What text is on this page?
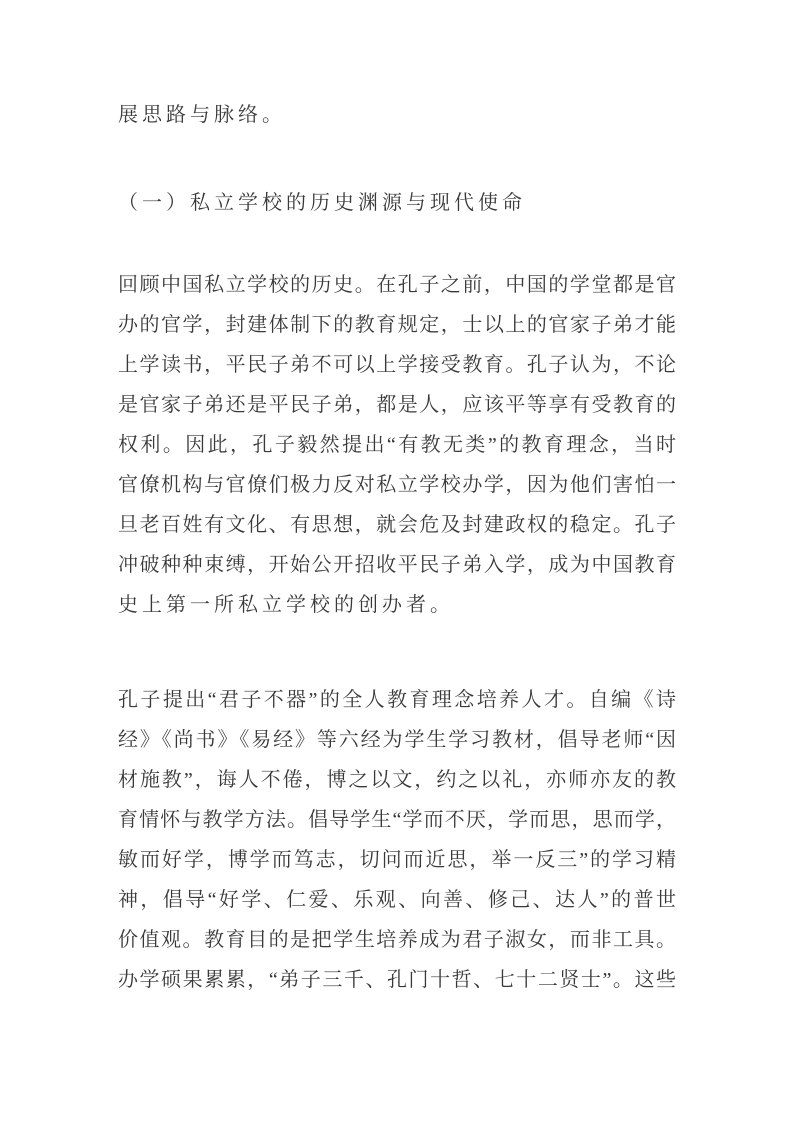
展思路与脉络。
（一）私立学校的历史渊源与现代使命
回顾中国私立学校的历史。在孔子之前，中国的学堂都是官
办的官学，封建体制下的教育规定，士以上的官家子弟才能
上学读书，平民子弟不可以上学接受教育。孔子认为，不论
是官家子弟还是平民子弟，都是人，应该平等享有受教育的
权利。因此，孔子毅然提出“有教无类”的教育理念，当时
官僚机构与官僚们极力反对私立学校办学，因为他们害怕一
旦老百姓有文化、有思想，就会危及封建政权的稳定。孔子
冲破种种束缚，开始公开招收平民子弟入学，成为中国教育
史上第一所私立学校的创办者。
孔子提出“君子不器”的全人教育理念培养人才。自编《诗
经》《尚书》《易经》等六经为学生学习教材，倡导老师“因
材施教”，诲人不倦，博之以文，约之以礼，亦师亦友的教
育情怀与教学方法。倡导学生“学而不厌，学而思，思而学，
敏而好学，博学而笃志，切问而近思，举一反三”的学习精
神，倡导“好学、仁爱、乐观、向善、修己、达人”的普世
价值观。教育目的是把学生培养成为君子淑女，而非工具。
办学硕果累累，“弟子三千、孔门十哲、七十二贤士”。这些
